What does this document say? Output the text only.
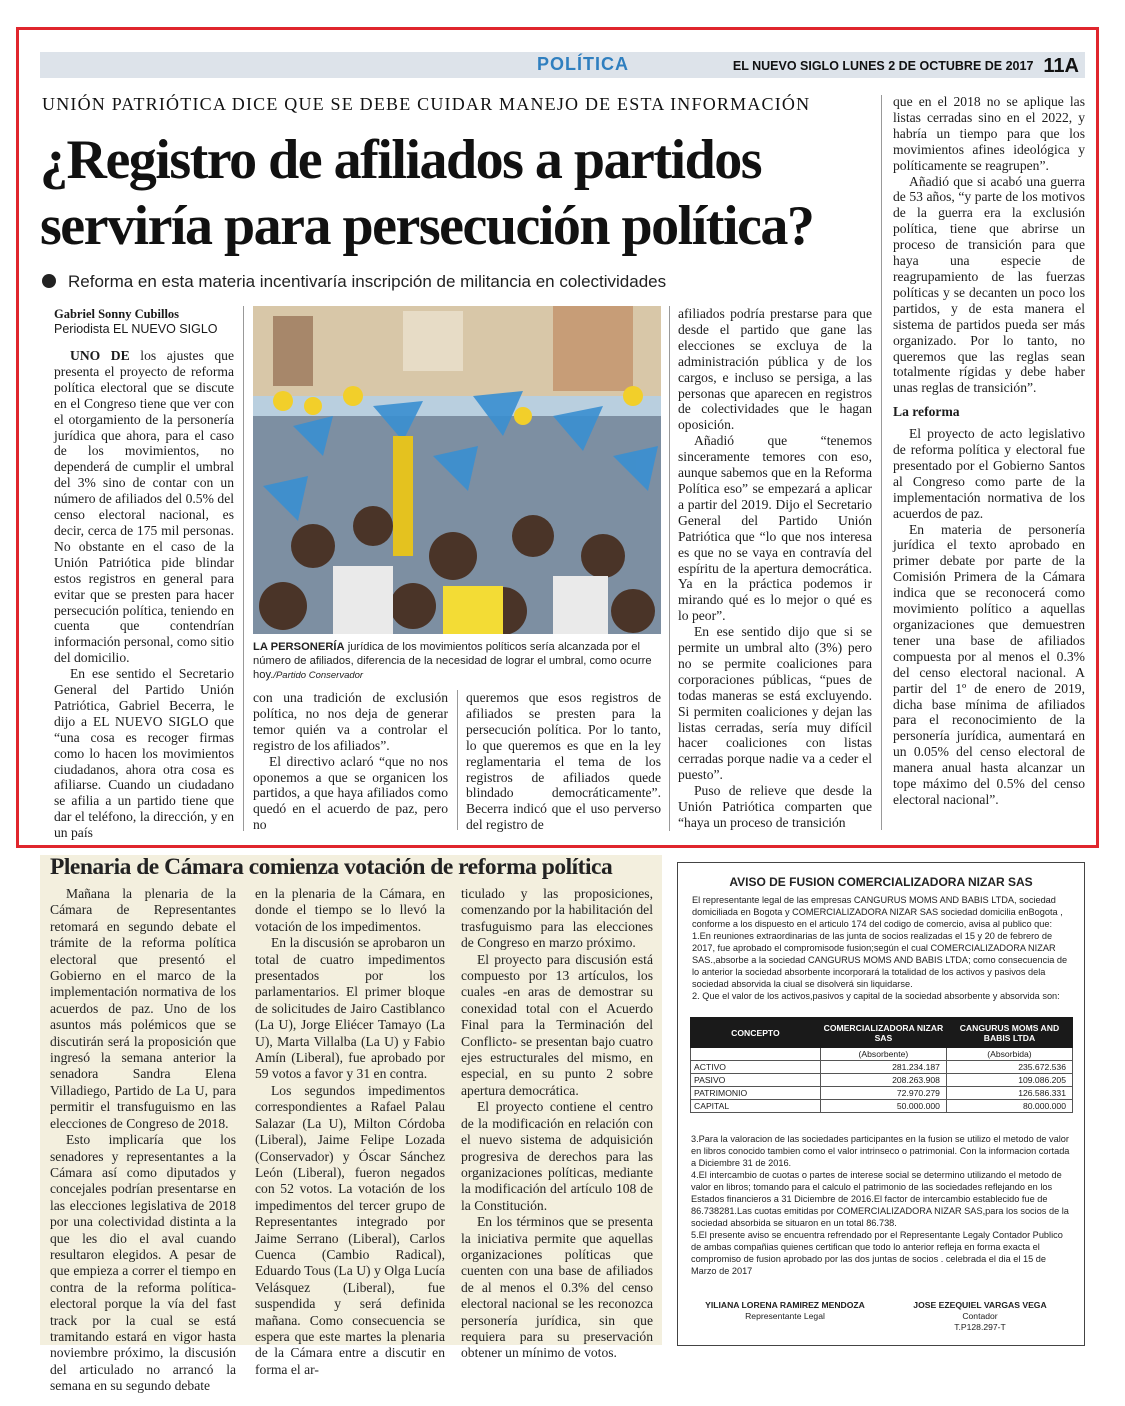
POLÍTICA	EL NUEVO SIGLO LUNES 2 DE OCTUBRE DE 2017 11A
UNIÓN PATRIÓTICA DICE QUE SE DEBE CUIDAR MANEJO DE ESTA INFORMACIÓN
¿Registro de afiliados a partidos serviría para persecución política?
Reforma en esta materia incentivaría inscripción de militancia en colectividades
Gabriel Sonny Cubillos
Periodista EL NUEVO SIGLO

UNO DE los ajustes que presenta el proyecto de reforma política electoral que se discute en el Congreso tiene que ver con el otorgamiento de la personería jurídica que ahora, para el caso de los movimientos, no dependerá de cumplir el umbral del 3% sino de contar con un número de afiliados del 0.5% del censo electoral nacional, es decir, cerca de 175 mil personas. No obstante en el caso de la Unión Patriótica pide blindar estos registros en general para evitar que se presten para hacer persecución política, teniendo en cuenta que contendrían información personal, como sitio del domicilio.

En ese sentido el Secretario General del Partido Unión Patriótica, Gabriel Becerra, le dijo a EL NUEVO SIGLO que “una cosa es recoger firmas como lo hacen los movimientos ciudadanos, ahora otra cosa es afiliarse. Cuando un ciudadano se afilia a un partido tiene que dar el teléfono, la dirección, y en un país

LA PERSONERÍA jurídica de los movimientos políticos sería alcanzada por el número de afiliados, diferencia de la necesidad de lograr el umbral, como ocurre hoy./Partido Conservador

con una tradición de exclusión política, no nos deja de generar temor quién va a controlar el registro de los afiliados”.

El directivo aclaró “que no nos oponemos a que se organicen los partidos, a que haya afiliados como quedó en el acuerdo de paz, pero no

queremos que esos registros de afiliados se presten para la persecución política. Por lo tanto, lo que queremos es que en la ley reglamentaria el tema de los registros de afiliados quede blindado democráticamente”. Becerra indicó que el uso perverso del registro de

afiliados podría prestarse para que desde el partido que gane las elecciones se excluya de la administración pública y de los cargos, e incluso se persiga, a las personas que aparecen en registros de colectividades que le hagan oposición.

Añadió que “tenemos sinceramente temores con eso, aunque sabemos que en la Reforma Política eso” se empezará a aplicar a partir del 2019. Dijo el Secretario General del Partido Unión Patriótica que “lo que nos interesa es que no se vaya en contravía del espíritu de la apertura democrática. Ya en la práctica podemos ir mirando qué es lo mejor o qué es lo peor”.

En ese sentido dijo que si se permite un umbral alto (3%) pero no se permite coaliciones para corporaciones públicas, “pues de todas maneras se está excluyendo. Si permiten coaliciones y dejan las listas cerradas, sería muy difícil hacer coaliciones con listas cerradas porque nadie va a ceder el puesto”.

Puso de relieve que desde la Unión Patriótica comparten que “haya un proceso de transición

que en el 2018 no se aplique las listas cerradas sino en el 2022, y habría un tiempo para que los movimientos afines ideológica y políticamente se reagrupen”.

Añadió que si acabó una guerra de 53 años, “y parte de los motivos de la guerra era la exclusión política, tiene que abrirse un proceso de transición para que haya una especie de reagrupamiento de las fuerzas políticas y se decanten un poco los partidos, y de esta manera el sistema de partidos pueda ser más organizado. Por lo tanto, no queremos que las reglas sean totalmente rígidas y debe haber unas reglas de transición”.

La reforma

El proyecto de acto legislativo de reforma política y electoral fue presentado por el Gobierno Santos al Congreso como parte de la implementación normativa de los acuerdos de paz.

En materia de personería jurídica el texto aprobado en primer debate por parte de la Comisión Primera de la Cámara indica que se reconocerá como movimiento político a aquellas organizaciones que demuestren tener una base de afiliados compuesta por al menos el 0.3% del censo electoral nacional. A partir del 1º de enero de 2019, dicha base mínima de afiliados para el reconocimiento de la personería jurídica, aumentará en un 0.05% del censo electoral de manera anual hasta alcanzar un tope máximo del 0.5% del censo electoral nacional”.

Plenaria de Cámara comienza votación de reforma política

Mañana la plenaria de la Cámara de Representantes retomará en segundo debate el trámite de la reforma política electoral que presentó el Gobierno en el marco de la implementación normativa de los acuerdos de paz. Uno de los asuntos más polémicos que se discutirán será la proposición que ingresó la semana anterior la senadora Sandra Elena Villadiego, Partido de La U, para permitir el transfuguismo en las elecciones de Congreso de 2018.

Esto implicaría que los senadores y representantes a la Cámara así como diputados y concejales podrían presentarse en las elecciones legislativa de 2018 por una colectividad distinta a la que les dio el aval cuando resultaron elegidos. A pesar de que empieza a correr el tiempo en contra de la reforma política-electoral porque la vía del fast track por la cual se está tramitando estará en vigor hasta noviembre próximo, la discusión del articulado no arrancó la semana en su segundo debate

en la plenaria de la Cámara, en donde el tiempo se lo llevó la votación de los impedimentos.

En la discusión se aprobaron un total de cuatro impedimentos presentados por los parlamentarios. El primer bloque de solicitudes de Jairo Castiblanco (La U), Jorge Eliécer Tamayo (La U), Marta Villalba (La U) y Fabio Amín (Liberal), fue aprobado por 59 votos a favor y 31 en contra.

Los segundos impedimentos correspondientes a Rafael Palau Salazar (La U), Milton Córdoba (Liberal), Jaime Felipe Lozada (Conservador) y Óscar Sánchez León (Liberal), fueron negados con 52 votos. La votación de los impedimentos del tercer grupo de Representantes integrado por Jaime Serrano (Liberal), Carlos Cuenca (Cambio Radical), Eduardo Tous (La U) y Olga Lucía Velásquez (Liberal), fue suspendida y será definida mañana. Como consecuencia se espera que este martes la plenaria de la Cámara entre a discutir en forma el ar-

ticulado y las proposiciones, comenzando por la habilitación del trasfuguismo para las elecciones de Congreso en marzo próximo.

El proyecto para discusión está compuesto por 13 artículos, los cuales -en aras de demostrar su conexidad total con el Acuerdo Final para la Terminación del Conflicto- se presentan bajo cuatro ejes estructurales del mismo, en especial, en su punto 2 sobre apertura democrática.

El proyecto contiene el centro de la modificación en relación con el nuevo sistema de adquisición progresiva de derechos para las organizaciones políticas, mediante la modificación del artículo 108 de la Constitución.

En los términos que se presenta la iniciativa permite que aquellas organizaciones políticas que cuenten con una base de afiliados de al menos el 0.3% del censo electoral nacional se les reconozca personería jurídica, sin que requiera para su preservación obtener un mínimo de votos.

AVISO DE FUSION COMERCIALIZADORA NIZAR SAS
El representante legal de las empresas CANGURUS MOMS AND BABIS LTDA, sociedad domiciliada en Bogota y COMERCIALIZADORA NIZAR SAS sociedad domicilia enBogota , conforme a los dispuesto en el articulo 174 del codigo de comercio, avisa al publico que:
1.En reuniones extraordinarias de las junta de socios realizadas el 15 y 20 de febrero de 2017, fue aprobado el compromisode fusion;según el cual COMERCIALIZADORA NIZAR SAS.,absorbe a la sociedad CANGURUS MOMS AND BABIS LTDA; como consecuencia de lo anterior la sociedad absorbente incorporará la totalidad de los activos y pasivos dela sociedad absorvida la ciual se disolverá sin liquidarse.
2. Que el valor de los activos,pasivos y capital de la sociedad absorbente y absorvida son:
CONCEPTO	COMERCIALIZADORA NIZAR SAS	CANGURUS MOMS AND BABIS LTDA
	(Absorbente)	(Absorbida)
ACTIVO	281.234.187	235.672.536
PASIVO	208.263.908	109.086.205
PATRIMONIO	72.970.279	126.586.331
CAPITAL	50.000.000	80.000.000
3.Para la valoracion de las sociedades participantes en la fusion se utilizo el metodo de valor en libros conocido tambien como el valor intrinseco o patrimonial. Con la informacion cortada a Diciembre 31 de 2016.
4.El intercambio de cuotas o partes de interese social se determino utilizando el metodo de valor en libros; tomando para el calculo el patrimonio de las sociedades reflejando en los Estados financieros a 31 Diciembre de 2016.El factor de intercambio establecido fue de 86.738281.Las cuotas emitidas por COMERCIALIZADORA NIZAR SAS,para los socios de la sociedad absorbida se situaron en un total 86.738.
5.El presente aviso se encuentra refrendado por el Representante Legaly Contador Publico de ambas compañias quienes certifican que todo lo anterior refleja en forma exacta el compromiso de fusion aprobado por las dos juntas de socios . celebrada el dia el 15 de Marzo de 2017
YILIANA LORENA RAMIREZ MENDOZA
Representante Legal
JOSE EZEQUIEL VARGAS VEGA
Contador
T.P128.297-T
